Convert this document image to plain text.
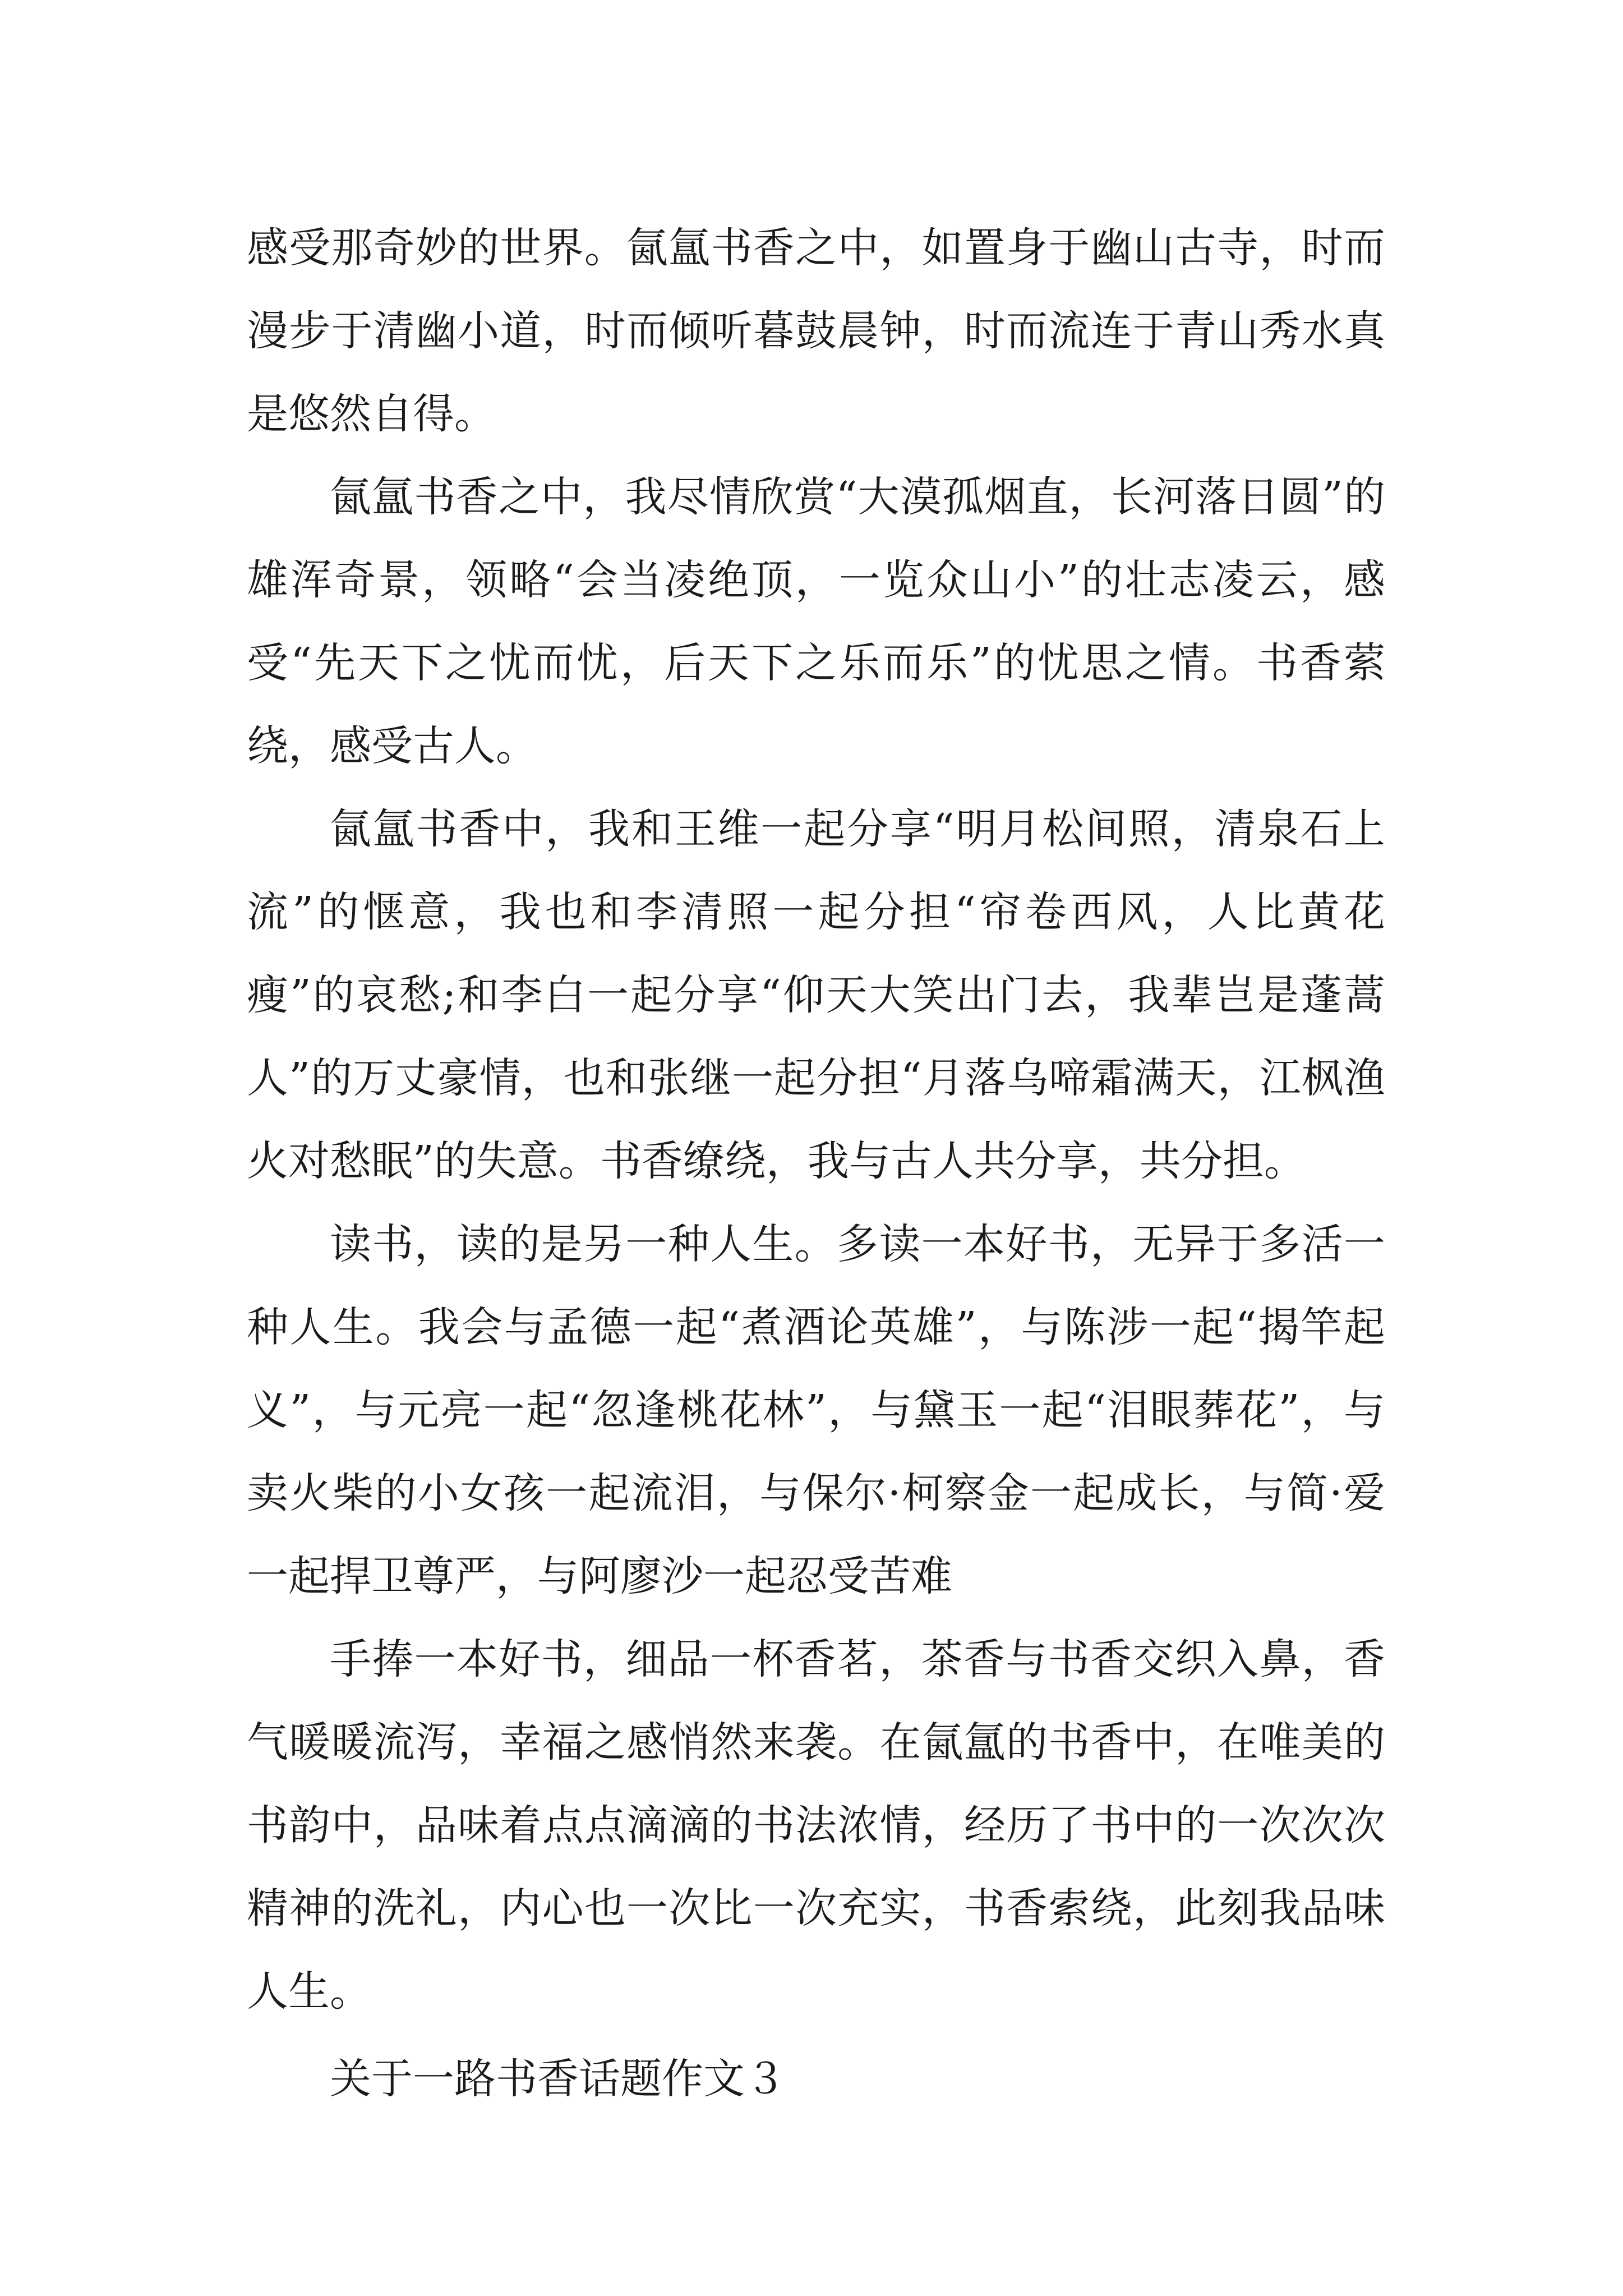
感受那奇妙的世界。氤氲书香之中，如置身于幽山古寺，时而漫步于清幽小道，时而倾听暮鼓晨钟，时而流连于青山秀水真是悠然自得。

氤氲书香之中，我尽情欣赏“大漠孤烟直，长河落日圆”的雄浑奇景，领略“会当凌绝顶，一览众山小”的壮志凌云，感受“先天下之忧而忧，后天下之乐而乐”的忧思之情。书香萦绕，感受古人。

氤氲书香中，我和王维一起分享“明月松间照，清泉石上流”的惬意，我也和李清照一起分担“帘卷西风，人比黄花瘦”的哀愁;和李白一起分享“仰天大笑出门去，我辈岂是蓬蒿人”的万丈豪情，也和张继一起分担“月落乌啼霜满天，江枫渔火对愁眠”的失意。书香缭绕，我与古人共分享，共分担。

读书，读的是另一种人生。多读一本好书，无异于多活一种人生。我会与孟德一起“煮酒论英雄”，与陈涉一起“揭竿起义”，与元亮一起“忽逢桃花林”，与黛玉一起“泪眼葬花”，与卖火柴的小女孩一起流泪，与保尔·柯察金一起成长，与简·爱一起捍卫尊严，与阿廖沙一起忍受苦难

手捧一本好书，细品一杯香茗，茶香与书香交织入鼻，香气暖暖流泻，幸福之感悄然来袭。在氤氲的书香中，在唯美的书韵中，品味着点点滴滴的书法浓情，经历了书中的一次次次精神的洗礼，内心也一次比一次充实，书香索绕，此刻我品味人生。

关于一路书香话题作文３
